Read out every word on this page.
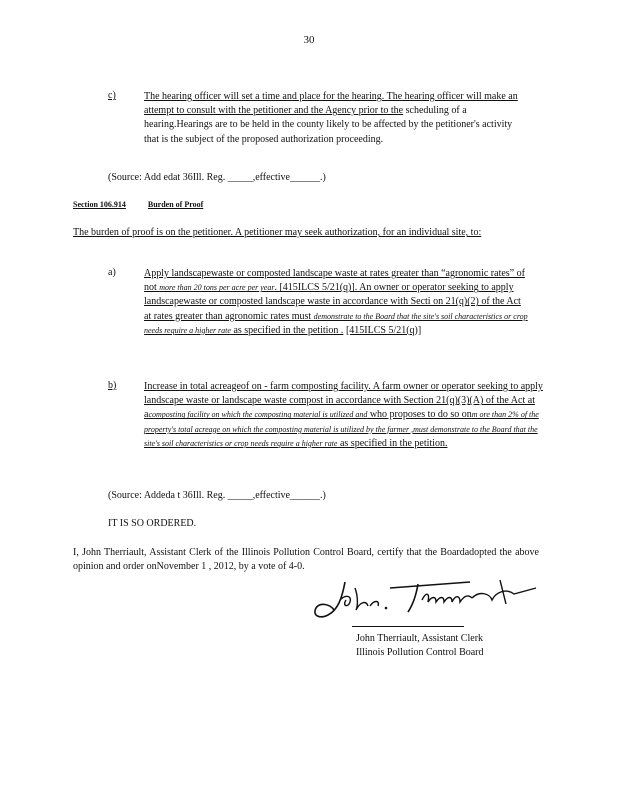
30
c)	The hearing officer will set a time and place for the hearing. The hearing officer will make an attempt to consult with the petitioner and the Agency prior to the scheduling of a hearing.Hearings are to be held in the county likely to be affected by the petitioner's activity that is the subject of the proposed authorization proceeding.
(Source: Add edat 36Ill. Reg. _____,effective______.)
Section 106.914	Burden of Proof
The burden of proof is on the petitioner. A petitioner may seek authorization, for an individual site, to:
a)	Apply landscapewaste or composted landscape waste at rates greater than “agronomic rates” of not more than 20 tons per acre per year. [415ILCS 5/21(q)]. An owner or operator seeking to apply landscapewaste or composted landscape waste in accordance with Secti on 21(q)(2) of the Act at rates greater than agronomic rates must demonstrate to the Board that the site's soil characteristics or crop needs require a higher rate as specified in the petition . [415ILCS 5/21(q)]
b)	Increase in total acreageof on - farm composting facility. A farm owner or operator seeking to apply landscape waste or landscape waste compost in accordance with Section 21(q)(3)(A) of the Act at acomposting facility on which the composting material is utilized and who proposes to do so onm ore than 2% of the property's total acreage on which the composting material is utilized by the farmer ,must demonstrate to the Board that the site's soil characteristics or crop needs require a higher rate as specified in the petition.
(Source: Addeda t 36Ill. Reg. _____,effective______.)
IT IS SO ORDERED.
I, John Therriault, Assistant Clerk of the Illinois Pollution Control Board, certify that the Boardadopted the above opinion and order onNovember 1 , 2012, by a vote of 4-0.
John Therriault, Assistant Clerk
Illinois Pollution Control Board
